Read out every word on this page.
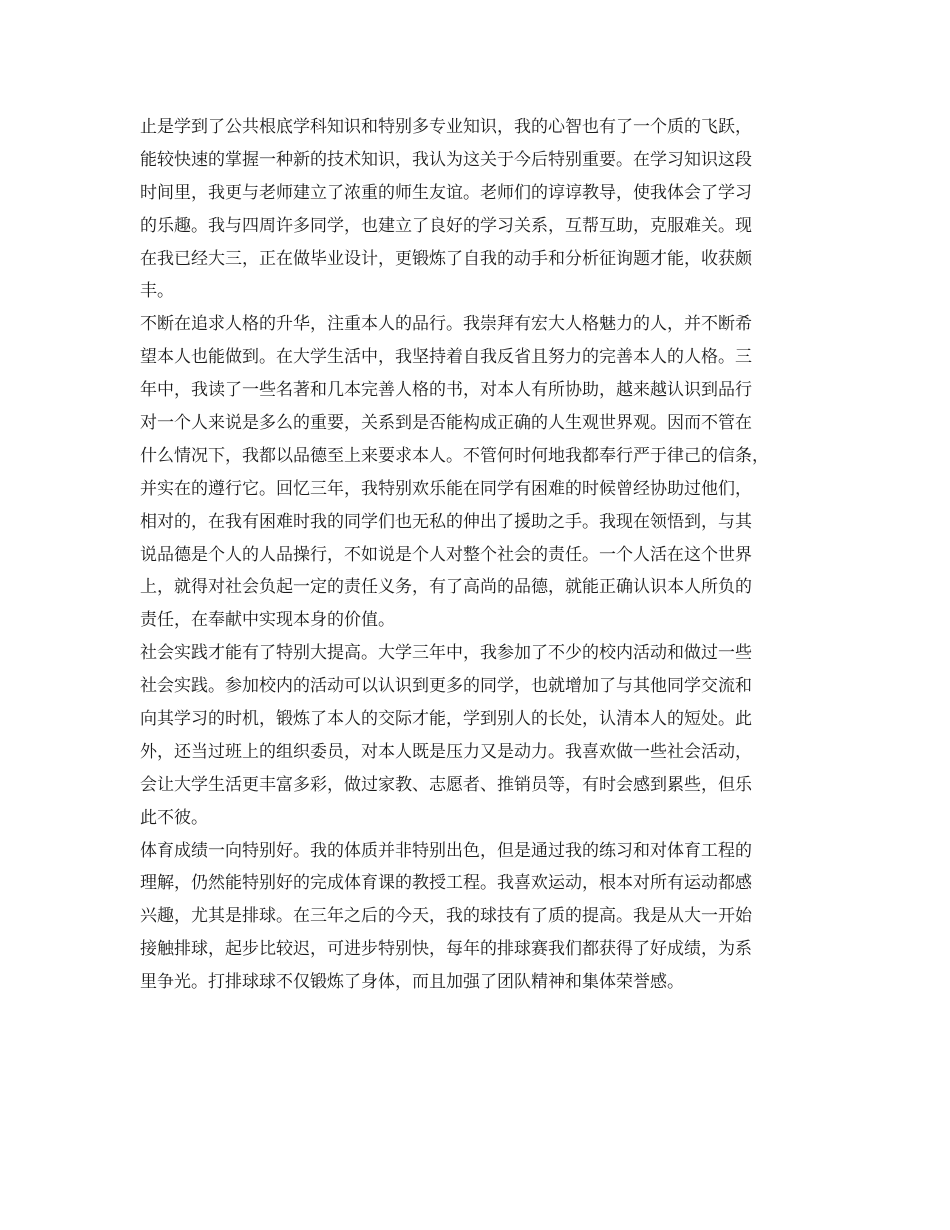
止是学到了公共根底学科知识和特别多专业知识，我的心智也有了一个质的飞跃，
能较快速的掌握一种新的技术知识，我认为这关于今后特别重要。在学习知识这段
时间里，我更与老师建立了浓重的师生友谊。老师们的谆谆教导，使我体会了学习
的乐趣。我与四周许多同学，也建立了良好的学习关系，互帮互助，克服难关。现
在我已经大三，正在做毕业设计，更锻炼了自我的动手和分析征询题才能，收获颇
丰。
不断在追求人格的升华，注重本人的品行。我崇拜有宏大人格魅力的人，并不断希
望本人也能做到。在大学生活中，我坚持着自我反省且努力的完善本人的人格。三
年中，我读了一些名著和几本完善人格的书，对本人有所协助，越来越认识到品行
对一个人来说是多么的重要，关系到是否能构成正确的人生观世界观。因而不管在
什么情况下，我都以品德至上来要求本人。不管何时何地我都奉行严于律己的信条，
并实在的遵行它。回忆三年，我特别欢乐能在同学有困难的时候曾经协助过他们，
相对的，在我有困难时我的同学们也无私的伸出了援助之手。我现在领悟到，与其
说品德是个人的人品操行，不如说是个人对整个社会的责任。一个人活在这个世界
上，就得对社会负起一定的责任义务，有了高尚的品德，就能正确认识本人所负的
责任，在奉献中实现本身的价值。
社会实践才能有了特别大提高。大学三年中，我参加了不少的校内活动和做过一些
社会实践。参加校内的活动可以认识到更多的同学，也就增加了与其他同学交流和
向其学习的时机，锻炼了本人的交际才能，学到别人的长处，认清本人的短处。此
外，还当过班上的组织委员，对本人既是压力又是动力。我喜欢做一些社会活动，
会让大学生活更丰富多彩，做过家教、志愿者、推销员等，有时会感到累些，但乐
此不彼。
体育成绩一向特别好。我的体质并非特别出色，但是通过我的练习和对体育工程的
理解，仍然能特别好的完成体育课的教授工程。我喜欢运动，根本对所有运动都感
兴趣，尤其是排球。在三年之后的今天，我的球技有了质的提高。我是从大一开始
接触排球，起步比较迟，可进步特别快，每年的排球赛我们都获得了好成绩，为系
里争光。打排球球不仅锻炼了身体，而且加强了团队精神和集体荣誉感。
